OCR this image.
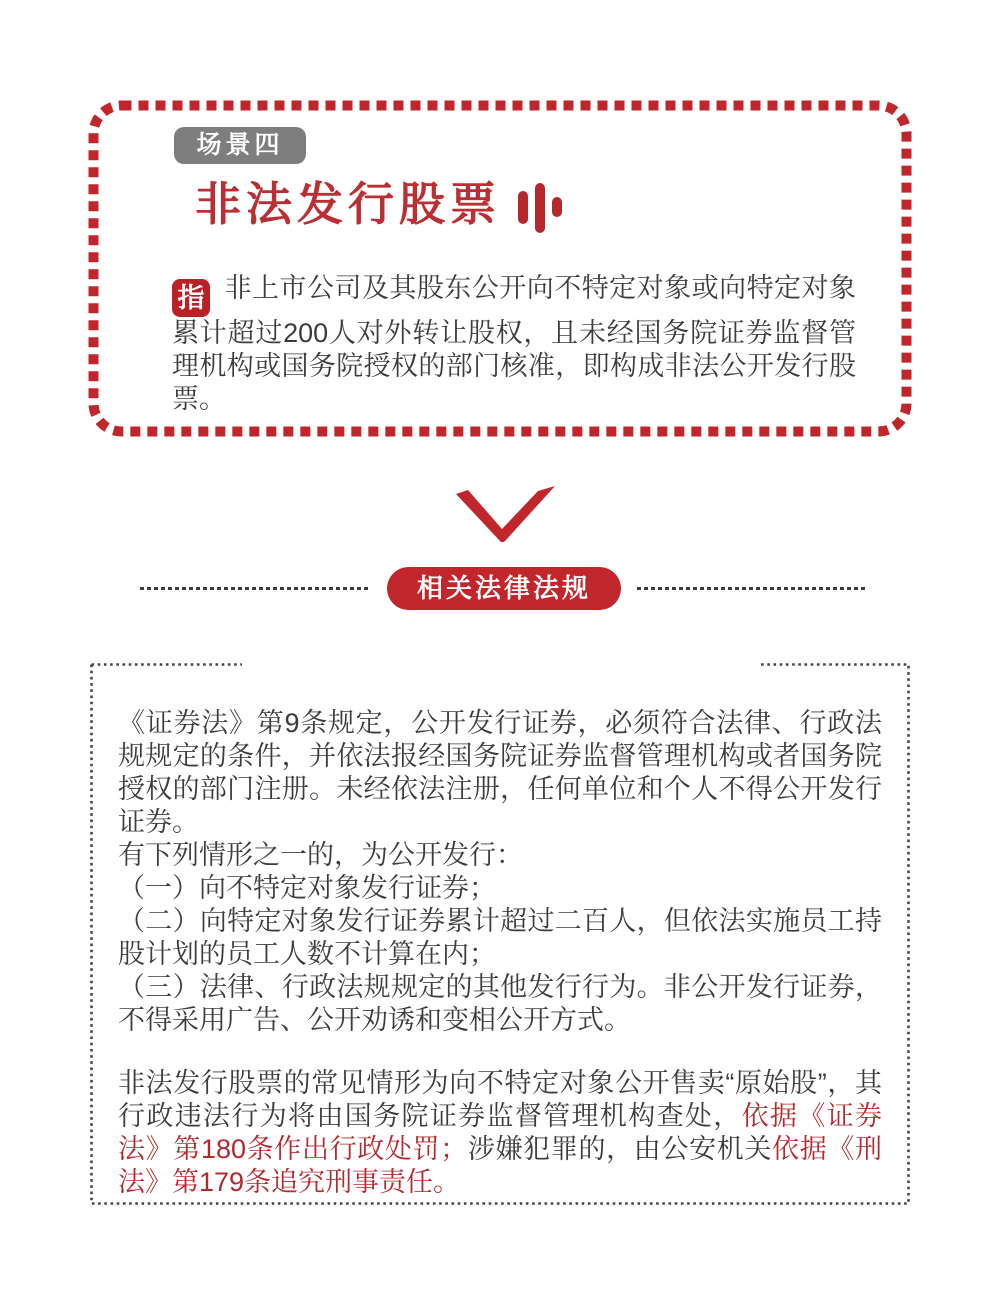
场景四
非法发行股票

指 非上市公司及其股东公开向不特定对象或向特定对象累计超过200人对外转让股权，且未经国务院证券监督管理机构或国务院授权的部门核准，即构成非法公开发行股票。

相关法律法规

《证券法》第9条规定，公开发行证券，必须符合法律、行政法规规定的条件，并依法报经国务院证券监督管理机构或者国务院授权的部门注册。未经依法注册，任何单位和个人不得公开发行证券。

有下列情形之一的，为公开发行：

（一）向不特定对象发行证券；

（二）向特定对象发行证券累计超过二百人，但依法实施员工持股计划的员工人数不计算在内；

（三）法律、行政法规规定的其他发行行为。非公开发行证券，不得采用广告、公开劝诱和变相公开方式。

非法发行股票的常见情形为向不特定对象公开售卖“原始股”，其行政违法行为将由国务院证券监督管理机构查处，依据《证券法》第180条作出行政处罚；涉嫌犯罪的，由公安机关依据《刑法》第179条追究刑事责任。
